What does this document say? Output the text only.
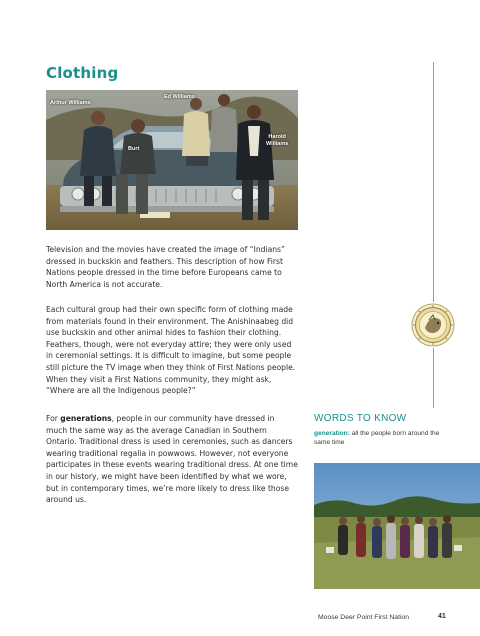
Clothing
Arthur Williams
Ed Williams
Burt
Harold
Williams

Television and the movies have created the image of “Indians” dressed in buckskin and feathers. This description of how First Nations people dressed in the time before Europeans came to North America is not accurate.

Each cultural group had their own specific form of clothing made from materials found in their environment. The Anishinaabeg did use buckskin and other animal hides to fashion their clothing. Feathers, though, were not everyday attire; they were only used in ceremonial settings. It is difficult to imagine, but some people still picture the TV image when they think of First Nations people. When they visit a First Nations community, they might ask, “Where are all the Indigenous people?”

For generations, people in our community have dressed in much the same way as the average Canadian in Southern Ontario. Traditional dress is used in ceremonies, such as dancers wearing traditional regalia in powwows. However, not everyone participates in these events wearing traditional dress. At one time in our history, we might have been identified by what we wore, but in contemporary times, we’re more likely to dress like those around us.

WORDS TO KNOW
generation: all the people born around the same time
Moose Deer Point First Nation	41
